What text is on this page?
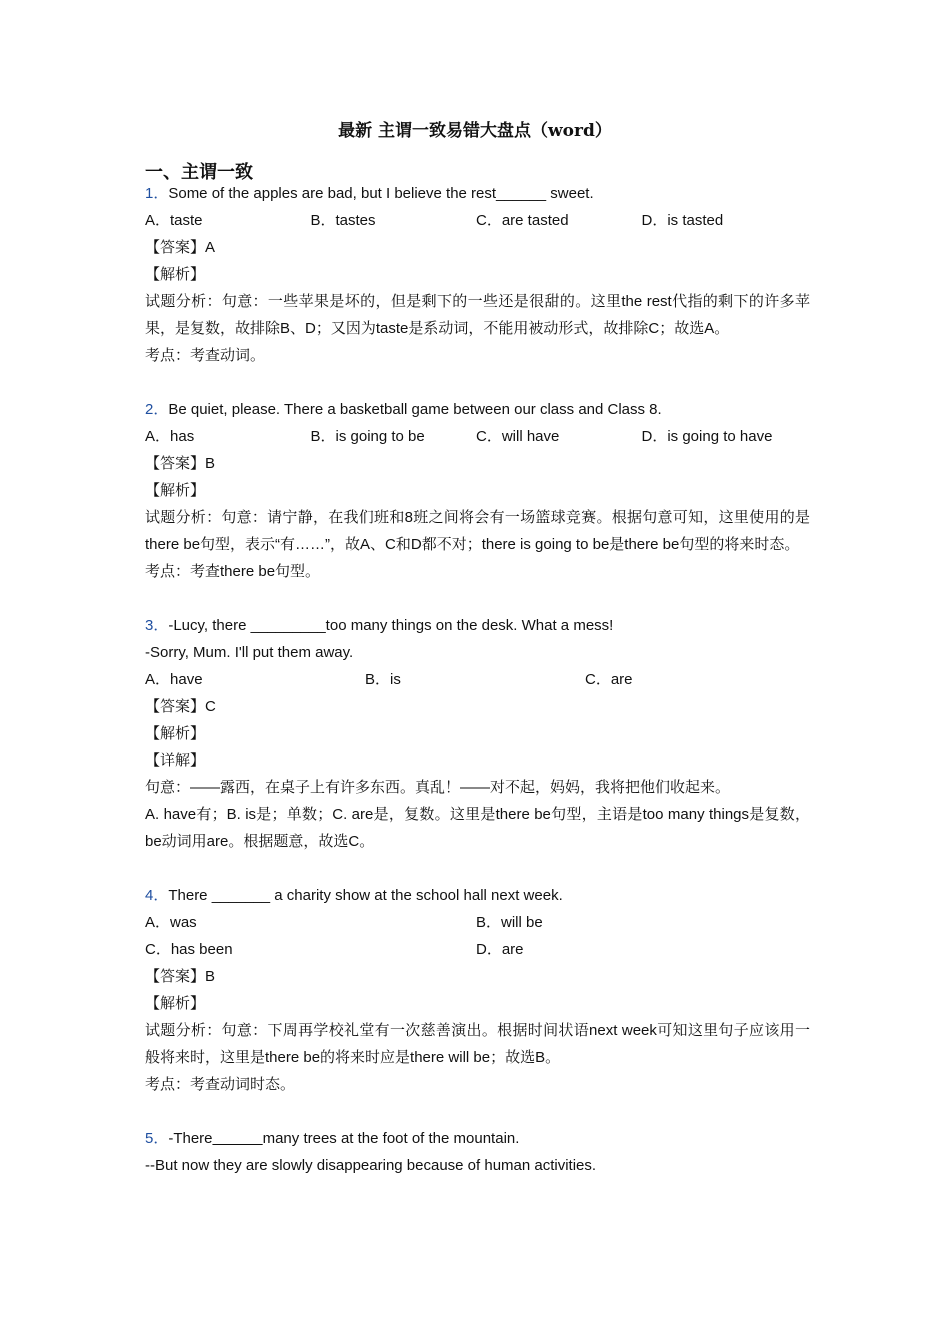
最新 主谓一致易错大盘点（word）
一、主谓一致
1．Some of the apples are bad, but I believe the rest______ sweet.
A．taste	B．tastes	C．are tasted	D．is tasted
【答案】A
【解析】
试题分析：句意：一些苹果是坏的，但是剩下的一些还是很甜的。这里the rest代指的剩下的许多苹果，是复数，故排除B、D；又因为taste是系动词，不能用被动形式，故排除C；故选A。
考点：考查动词。
2．Be quiet, please. There a basketball game between our class and Class 8.
A．has	B．is going to be	C．will have	D．is going to have
【答案】B
【解析】
试题分析：句意：请宁静，在我们班和8班之间将会有一场篮球竞赛。根据句意可知，这里使用的是there be句型，表示“有……”，故A、C和D都不对；there is going to be是there be句型的将来时态。
考点：考查there be句型。
3．-Lucy, there _________too many things on the desk. What a mess!
-Sorry, Mum. I'll put them away.
A．have	B．is	C．are
【答案】C
【解析】
【详解】
句意：——露西，在桌子上有许多东西。真乱！——对不起，妈妈，我将把他们收起来。
A. have有；B. is是；单数；C. are是，复数。这里是there be句型，主语是too many things是复数，be动词用are。根据题意，故选C。
4．There _______ a charity show at the school hall next week.
A．was	B．will be
C．has been	D．are
【答案】B
【解析】
试题分析：句意：下周再学校礼堂有一次慈善演出。根据时间状语next week可知这里句子应该用一般将来时，这里是there be的将来时应是there will be；故选B。
考点：考查动词时态。
5．-There______many trees at the foot of the mountain.
--But now they are slowly disappearing because of human activities.
